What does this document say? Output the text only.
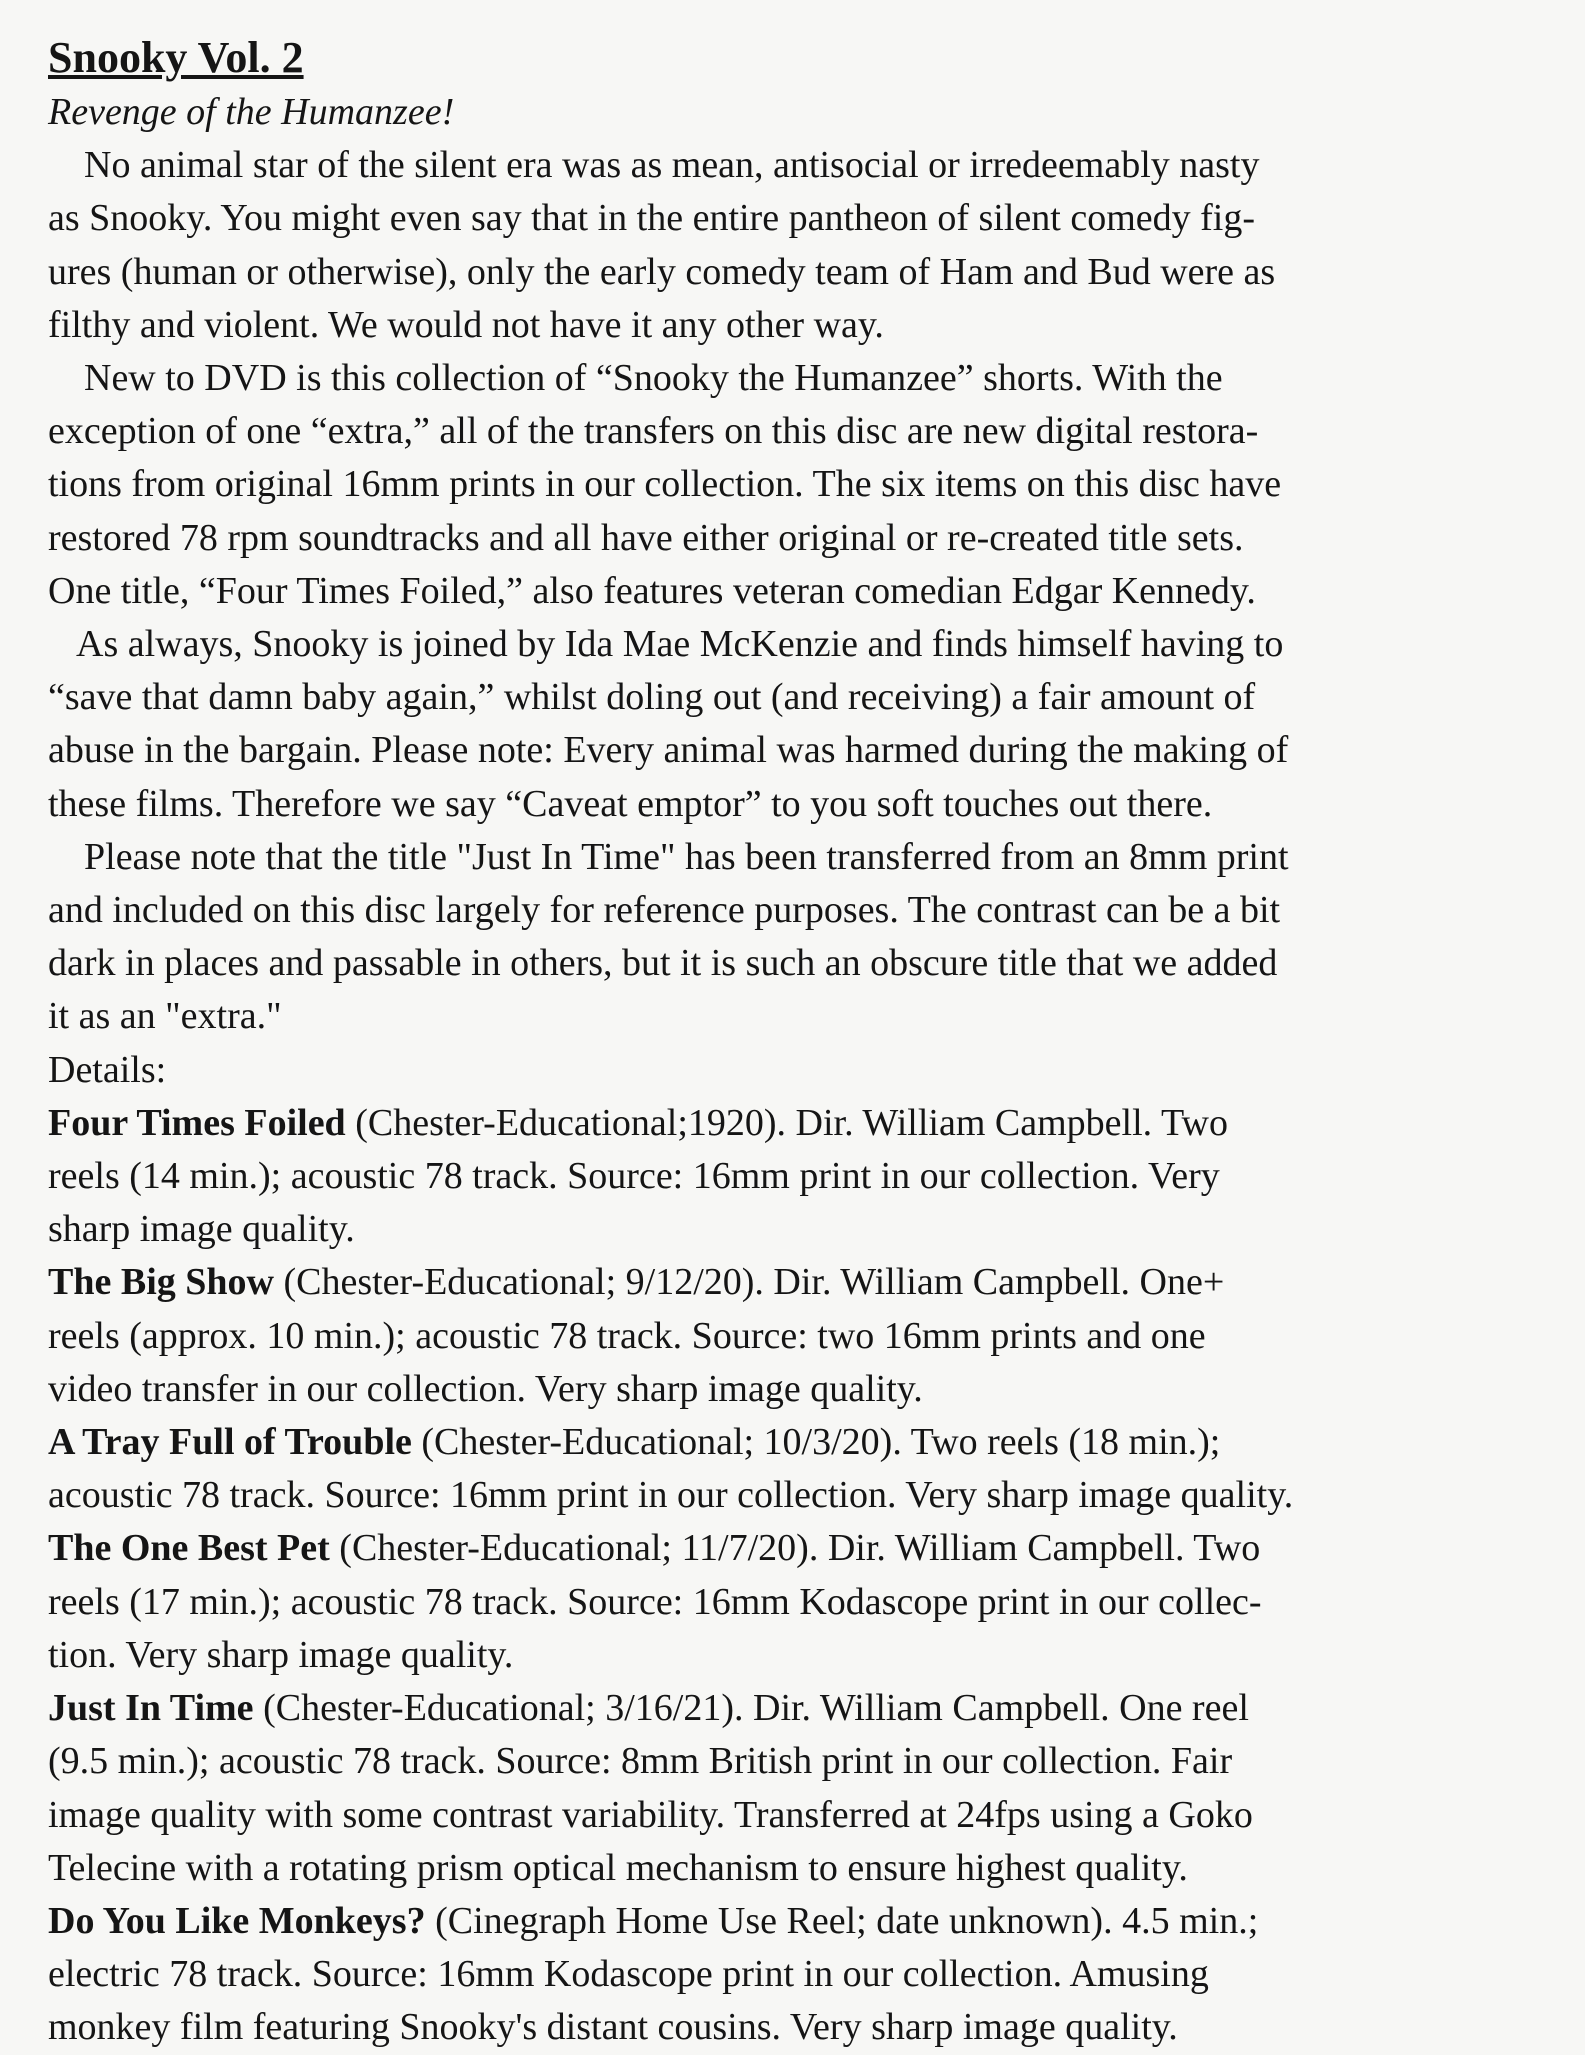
Snooky Vol. 2

Revenge of the Humanzee!

No animal star of the silent era was as mean, antisocial or irredeemably nasty
as Snooky. You might even say that in the entire pantheon of silent comedy fig-
ures (human or otherwise), only the early comedy team of Ham and Bud were as
filthy and violent. We would not have it any other way.

New to DVD is this collection of “Snooky the Humanzee” shorts. With the
exception of one “extra,” all of the transfers on this disc are new digital restora-
tions from original 16mm prints in our collection. The six items on this disc have
restored 78 rpm soundtracks and all have either original or re-created title sets.
One title, “Four Times Foiled,” also features veteran comedian Edgar Kennedy.

As always, Snooky is joined by Ida Mae McKenzie and finds himself having to
“save that damn baby again,” whilst doling out (and receiving) a fair amount of
abuse in the bargain. Please note: Every animal was harmed during the making of
these films. Therefore we say “Caveat emptor” to you soft touches out there.

Please note that the title "Just In Time" has been transferred from an 8mm print
and included on this disc largely for reference purposes. The contrast can be a bit
dark in places and passable in others, but it is such an obscure title that we added
it as an "extra."

Details:

Four Times Foiled (Chester-Educational;1920). Dir. William Campbell. Two
reels (14 min.); acoustic 78 track. Source: 16mm print in our collection. Very
sharp image quality.
The Big Show (Chester-Educational; 9/12/20). Dir. William Campbell. One+
reels (approx. 10 min.); acoustic 78 track. Source: two 16mm prints and one
video transfer in our collection. Very sharp image quality.
A Tray Full of Trouble (Chester-Educational; 10/3/20). Two reels (18 min.);
acoustic 78 track. Source: 16mm print in our collection. Very sharp image quality.
The One Best Pet (Chester-Educational; 11/7/20). Dir. William Campbell. Two
reels (17 min.); acoustic 78 track. Source: 16mm Kodascope print in our collec-
tion. Very sharp image quality.
Just In Time (Chester-Educational; 3/16/21). Dir. William Campbell. One reel
(9.5 min.); acoustic 78 track. Source: 8mm British print in our collection. Fair
image quality with some contrast variability. Transferred at 24fps using a Goko
Telecine with a rotating prism optical mechanism to ensure highest quality.
Do You Like Monkeys? (Cinegraph Home Use Reel; date unknown). 4.5 min.;
electric 78 track. Source: 16mm Kodascope print in our collection. Amusing
monkey film featuring Snooky's distant cousins. Very sharp image quality.
